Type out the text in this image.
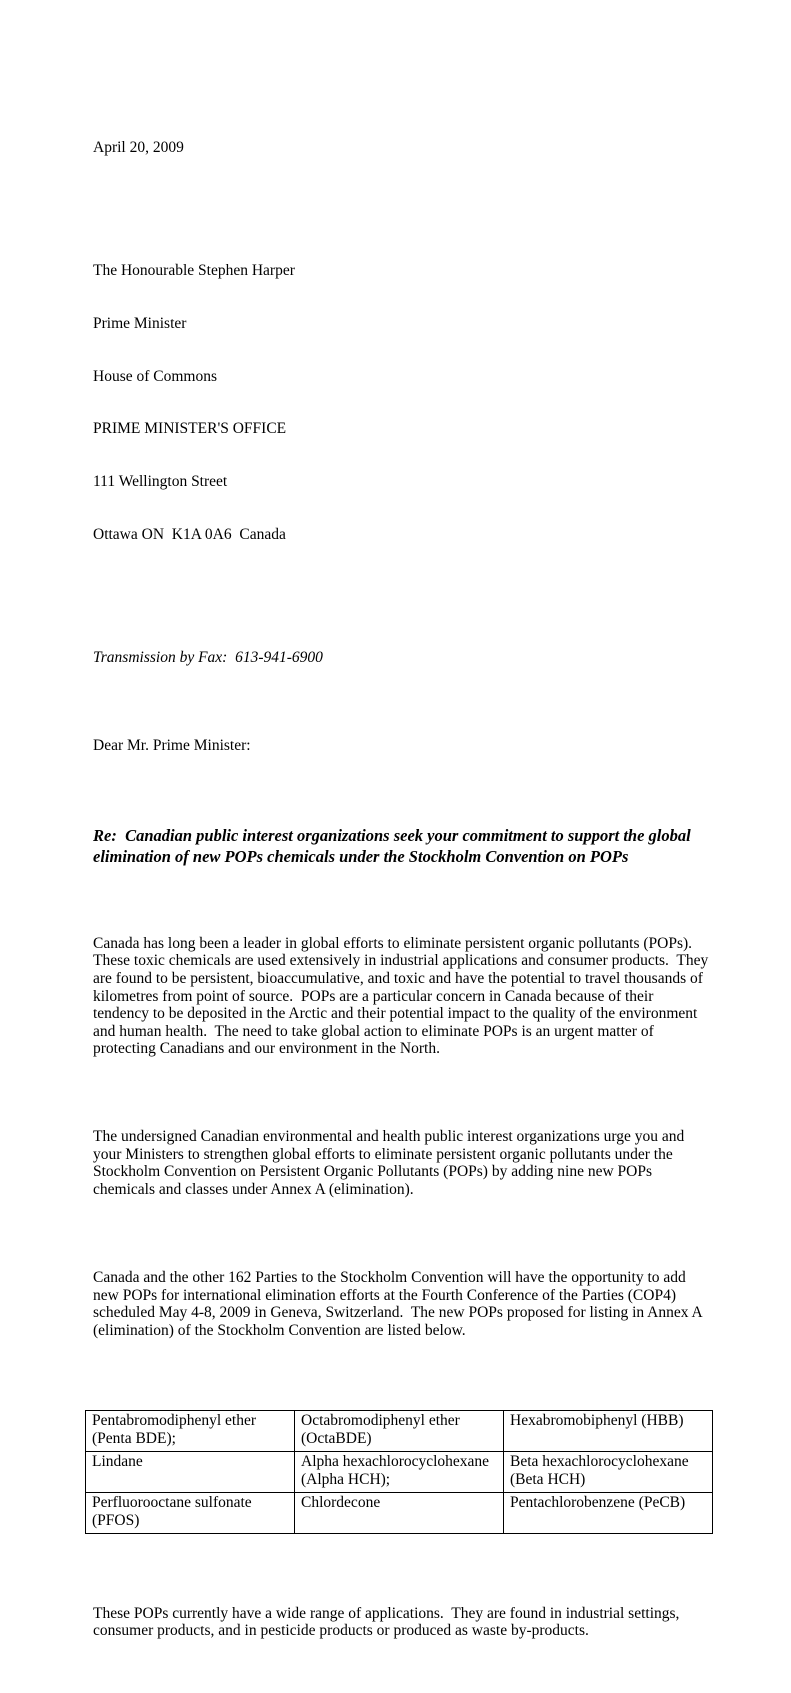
April 20, 2009

The Honourable Stephen Harper

Prime Minister

House of Commons

PRIME MINISTER'S OFFICE

111 Wellington Street

Ottawa ON  K1A 0A6  Canada

Transmission by Fax:  613-941-6900

Dear Mr. Prime Minister:

Re:  Canadian public interest organizations seek your commitment to support the global elimination of new POPs chemicals under the Stockholm Convention on POPs

Canada has long been a leader in global efforts to eliminate persistent organic pollutants (POPs). These toxic chemicals are used extensively in industrial applications and consumer products.  They are found to be persistent, bioaccumulative, and toxic and have the potential to travel thousands of kilometres from point of source.  POPs are a particular concern in Canada because of their tendency to be deposited in the Arctic and their potential impact to the quality of the environment and human health.  The need to take global action to eliminate POPs is an urgent matter of protecting Canadians and our environment in the North.

The undersigned Canadian environmental and health public interest organizations urge you and your Ministers to strengthen global efforts to eliminate persistent organic pollutants under the Stockholm Convention on Persistent Organic Pollutants (POPs) by adding nine new POPs chemicals and classes under Annex A (elimination).

Canada and the other 162 Parties to the Stockholm Convention will have the opportunity to add new POPs for international elimination efforts at the Fourth Conference of the Parties (COP4) scheduled May 4-8, 2009 in Geneva, Switzerland.  The new POPs proposed for listing in Annex A (elimination) of the Stockholm Convention are listed below.

Pentabromodiphenyl ether (Penta BDE);	Octabromodiphenyl ether (OctaBDE)	Hexabromobiphenyl (HBB)
Lindane	Alpha hexachlorocyclohexane (Alpha HCH);	Beta hexachlorocyclohexane (Beta HCH)
Perfluorooctane sulfonate (PFOS)	Chlordecone	Pentachlorobenzene (PeCB)

These POPs currently have a wide range of applications.  They are found in industrial settings, consumer products, and in pesticide products or produced as waste by-products.
